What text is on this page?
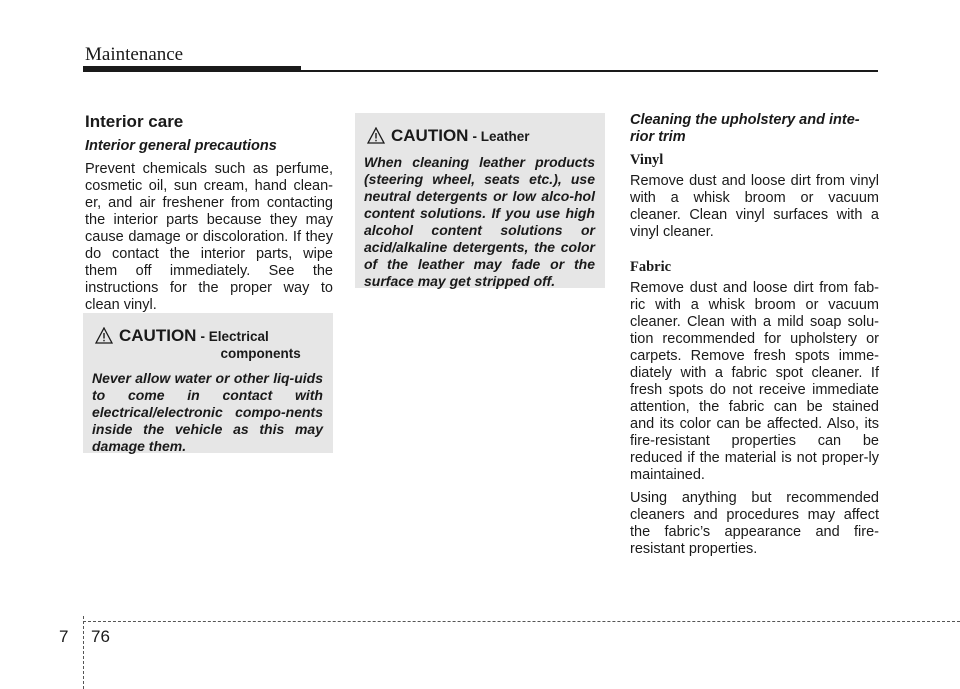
Maintenance
Interior care
Interior general precautions

Prevent chemicals such as perfume, cosmetic oil, sun cream, hand clean-er, and air freshener from contacting the interior parts because they may cause damage or discoloration. If they do contact the interior parts, wipe them off immediately. See the instructions for the proper way to clean vinyl.

CAUTION - Electrical
components
Never allow water or other liq-uids to come in contact with electrical/electronic compo-nents inside the vehicle as this may damage them.
CAUTION - Leather
When cleaning leather products (steering wheel, seats etc.), use neutral detergents or low alco-hol content solutions. If you use high alcohol content solutions or acid/alkaline detergents, the color of the leather may fade or the surface may get stripped off.
Cleaning the upholstery and inte-rior trim
Vinyl

Remove dust and loose dirt from vinyl with a whisk broom or vacuum cleaner. Clean vinyl surfaces with a vinyl cleaner.

Fabric

Remove dust and loose dirt from fab-ric with a whisk broom or vacuum cleaner. Clean with a mild soap solu-tion recommended for upholstery or carpets. Remove fresh spots imme-diately with a fabric spot cleaner. If fresh spots do not receive immediate attention, the fabric can be stained and its color can be affected. Also, its fire-resistant properties can be reduced if the material is not proper-ly maintained.

Using anything but recommended cleaners and procedures may affect the fabric’s appearance and fire-resistant properties.

7 76
